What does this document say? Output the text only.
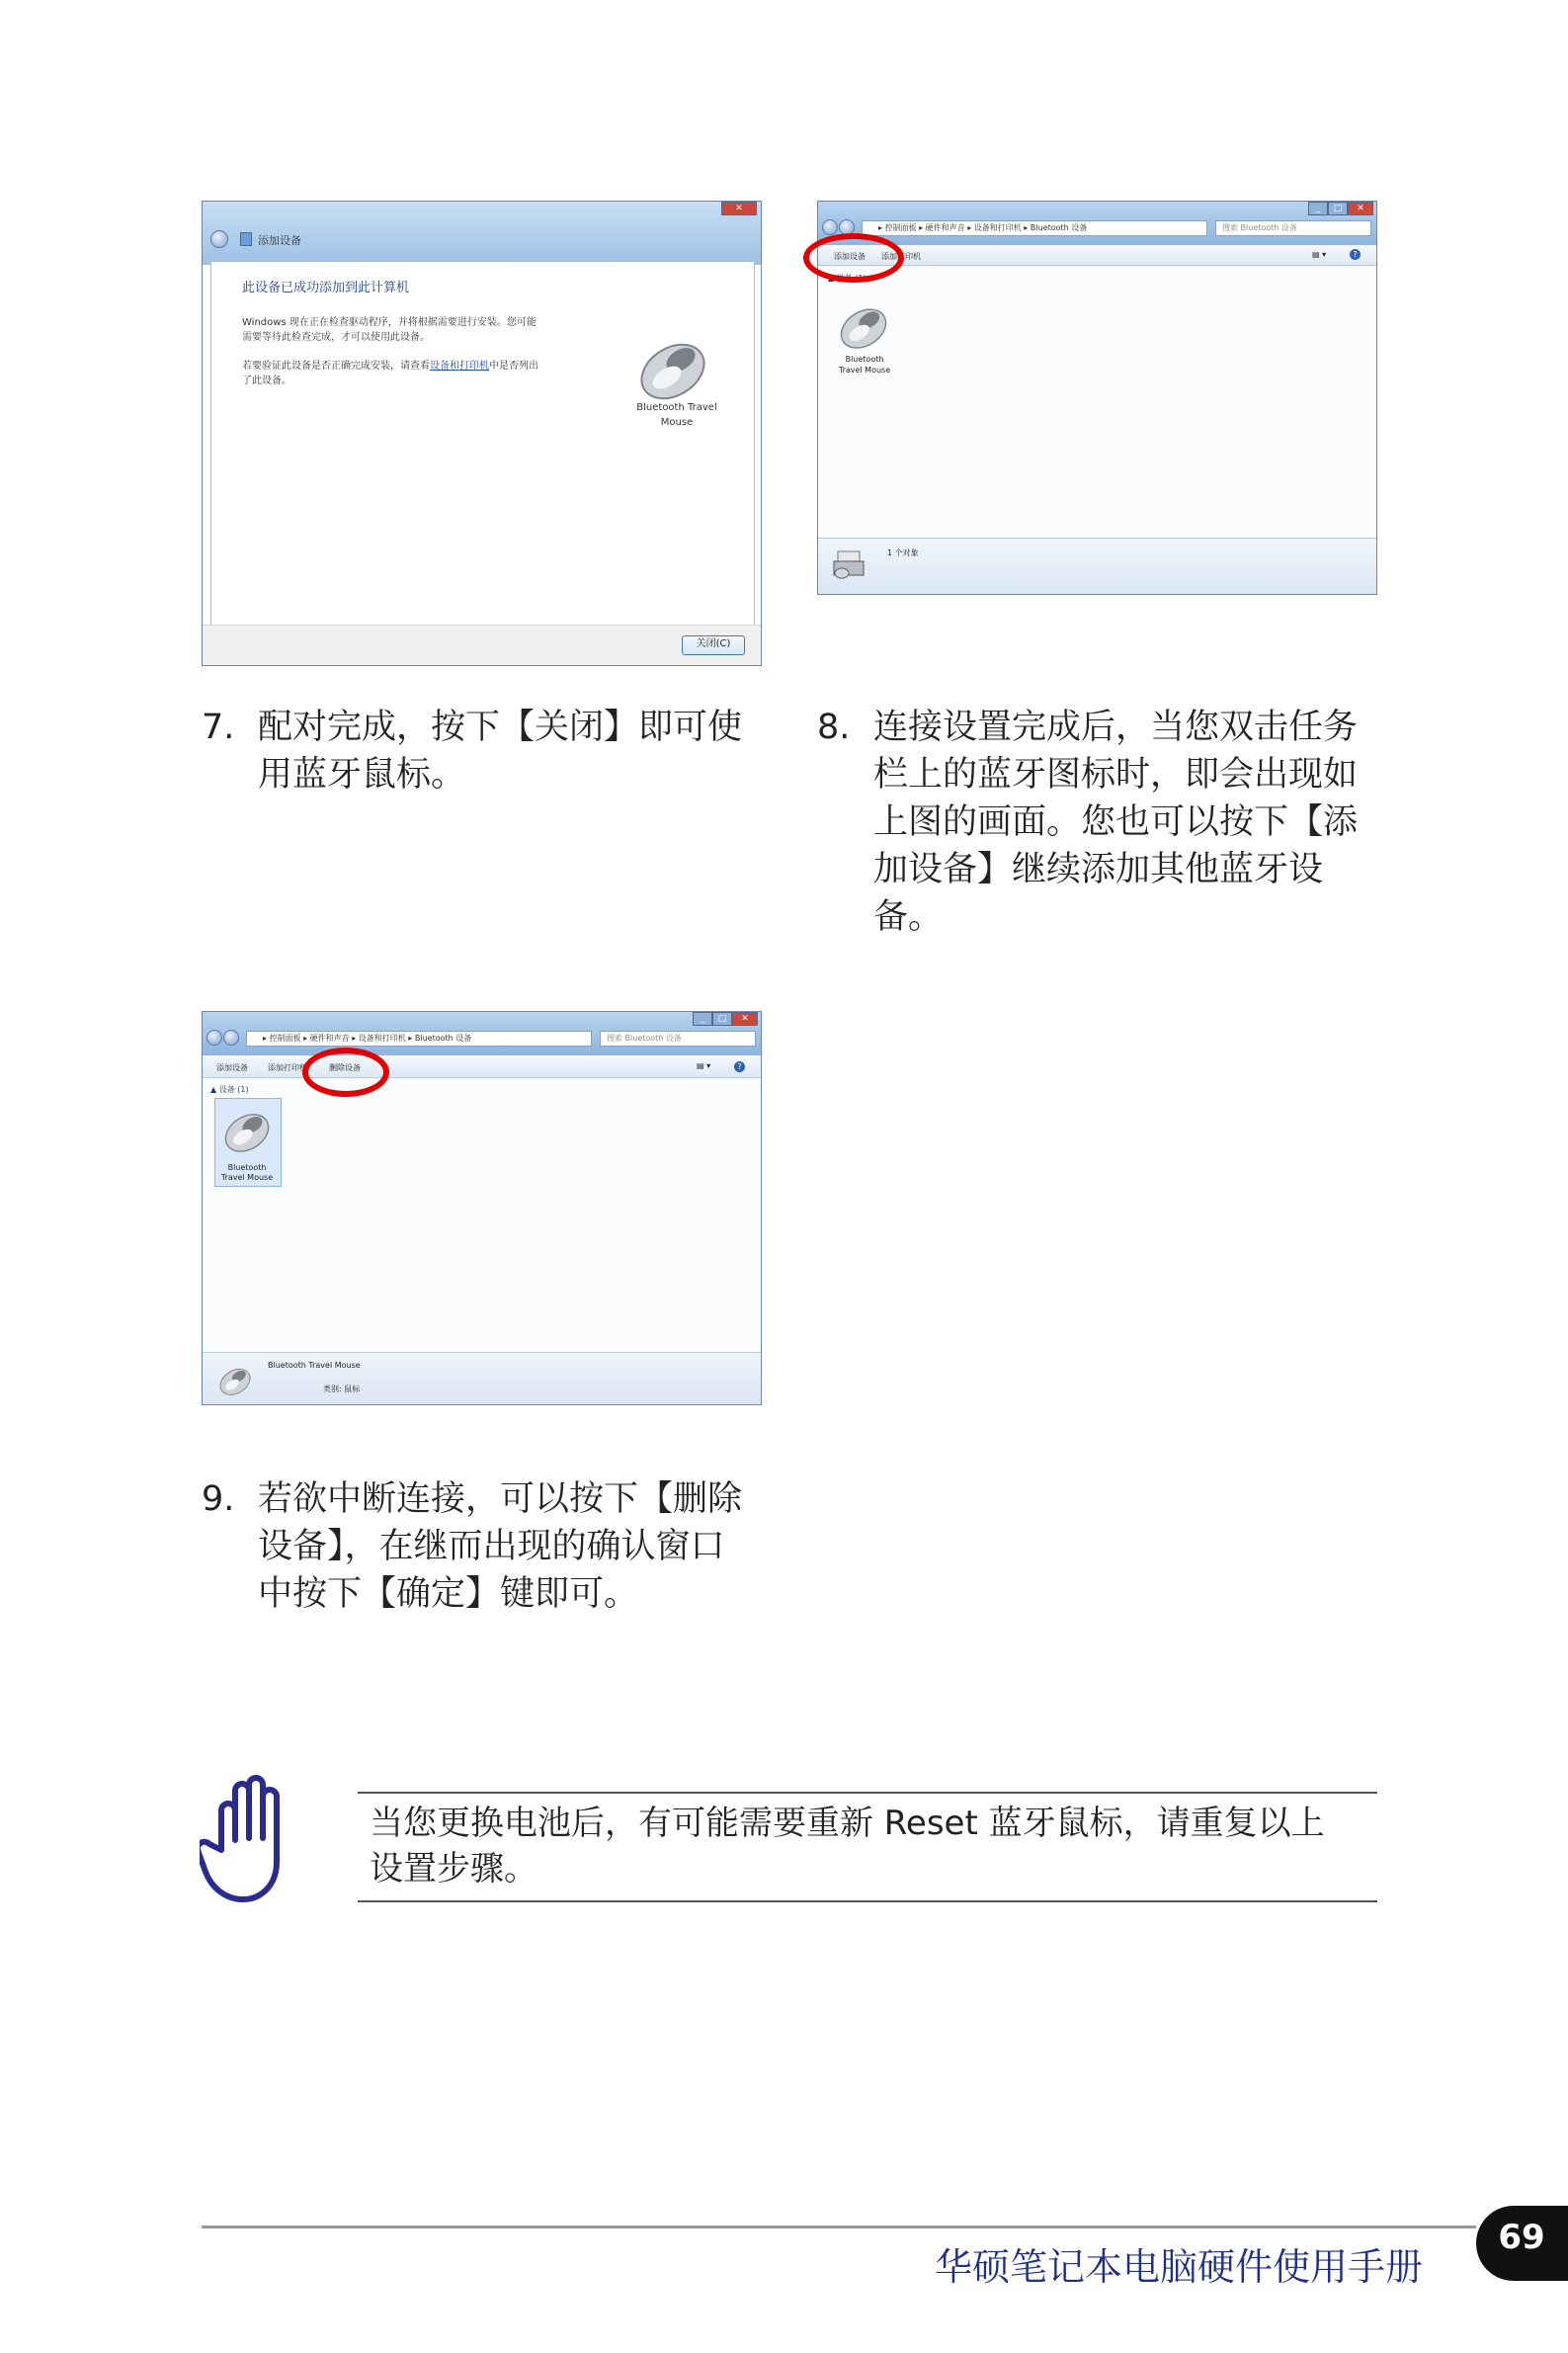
✕
添加设备
此设备已成功添加到此计算机
Windows 现在正在检查驱动程序，并将根据需要进行安装。您可能
需要等待此检查完成，才可以使用此设备。
若要验证此设备是否正确完成安装，请查看设备和打印机中是否列出
了此设备。
Bluetooth Travel
Mouse
关闭(C)
_	□	✕
▸ 控制面板 ▸ 硬件和声音 ▸ 设备和打印机 ▸ Bluetooth 设备	搜索 Bluetooth 设备
添加设备 添加打印机	▤ ▾	?
▲ 设备 (1)
Bluetooth
Travel Mouse
1 个对象
7. 配对完成，按下【关闭】即可使
用蓝牙鼠标。
8. 连接设置完成后，当您双击任务
栏上的蓝牙图标时，即会出现如
上图的画面。您也可以按下【添
加设备】继续添加其他蓝牙设
备。
_	□	✕
▸ 控制面板 ▸ 硬件和声音 ▸ 设备和打印机 ▸ Bluetooth 设备	搜索 Bluetooth 设备
添加设备	添加打印机	删除设备	▤ ▾	?
▲ 设备 (1)
Bluetooth
Travel Mouse
Bluetooth Travel Mouse
类别: 鼠标
9. 若欲中断连接，可以按下【删除
设备】，在继而出现的确认窗口
中按下【确定】键即可。
当您更换电池后，有可能需要重新 Reset 蓝牙鼠标，请重复以上
设置步骤。
华硕笔记本电脑硬件使用手册
69
